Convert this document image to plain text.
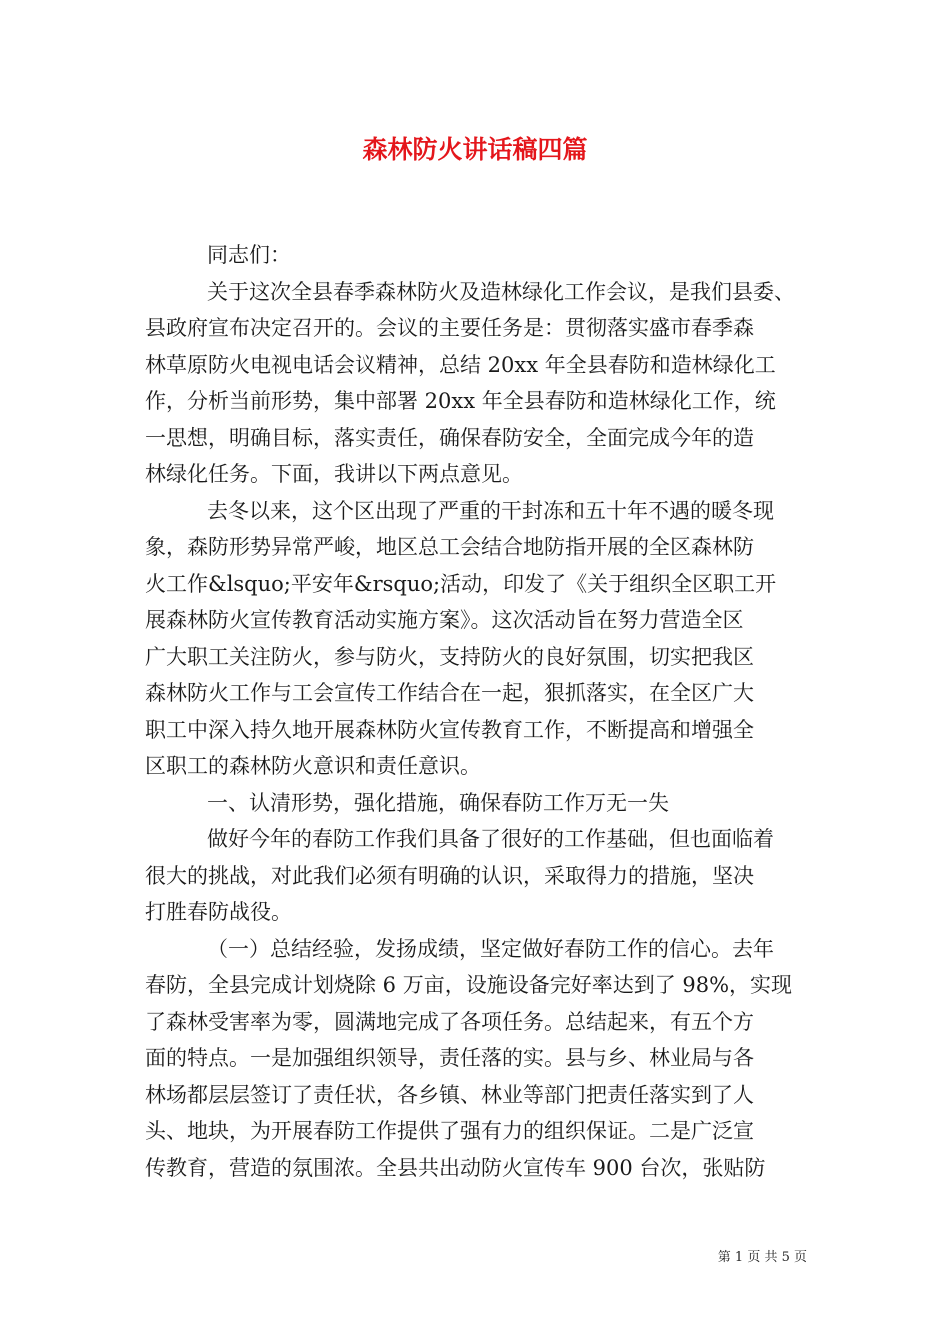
森林防火讲话稿四篇
同志们：
关于这次全县春季森林防火及造林绿化工作会议，是我们县委、
县政府宣布决定召开的。会议的主要任务是：贯彻落实盛市春季森
林草原防火电视电话会议精神，总结 20xx 年全县春防和造林绿化工
作，分析当前形势，集中部署 20xx 年全县春防和造林绿化工作，统
一思想，明确目标，落实责任，确保春防安全，全面完成今年的造
林绿化任务。下面，我讲以下两点意见。
去冬以来，这个区出现了严重的干封冻和五十年不遇的暖冬现
象，森防形势异常严峻，地区总工会结合地防指开展的全区森林防
火工作&lsquo;平安年&rsquo;活动，印发了《关于组织全区职工开
展森林防火宣传教育活动实施方案》。这次活动旨在努力营造全区
广大职工关注防火，参与防火，支持防火的良好氛围，切实把我区
森林防火工作与工会宣传工作结合在一起，狠抓落实，在全区广大
职工中深入持久地开展森林防火宣传教育工作，不断提高和增强全
区职工的森林防火意识和责任意识。
一、认清形势，强化措施，确保春防工作万无一失
做好今年的春防工作我们具备了很好的工作基础，但也面临着
很大的挑战，对此我们必须有明确的认识，采取得力的措施，坚决
打胜春防战役。
（一）总结经验，发扬成绩，坚定做好春防工作的信心。去年
春防，全县完成计划烧除 6 万亩，设施设备完好率达到了 98%，实现
了森林受害率为零，圆满地完成了各项任务。总结起来，有五个方
面的特点。一是加强组织领导，责任落的实。县与乡、林业局与各
林场都层层签订了责任状，各乡镇、林业等部门把责任落实到了人
头、地块，为开展春防工作提供了强有力的组织保证。二是广泛宣
传教育，营造的氛围浓。全县共出动防火宣传车 900 台次，张贴防
第 1 页 共 5 页
